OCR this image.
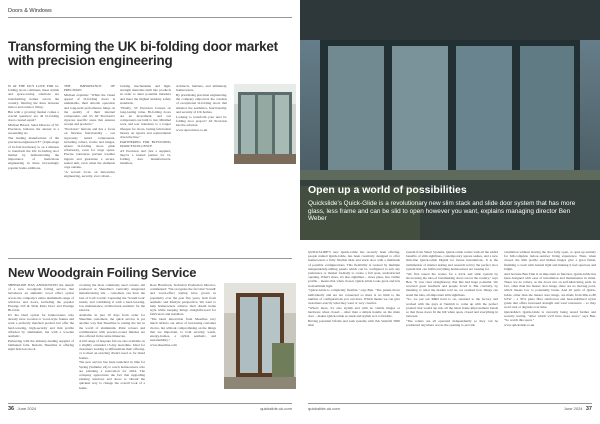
Doors & Windows
Transforming the UK bi-folding door market with precision engineering

IS AT THE UK'S LOVE FOR bi-folding doors continues, these stylish and space-saving solutions are transforming homes across the country, blurring the lines between indoor and outdoor living.

But with a growing market comes a crucial question: are all bi-folding doors created equal?

Michael Bristol, Sales Director of ST Precision, believes the answer is a resounding no.

The leading manufacturer of the precision-engineered E+ (triple-stage of bi-fold hardware) is on a mission to transform the UK bi-folding door market by demonstrating the importance of meticulous engineering in these increasingly popular home additions.

THE IMPORTANCE OF PRECISION

Michael explains: "While the visual appeal of bi-folding doors is undeniable, their smooth operation and long-term performance hinge on the quality of their internal components and it's AT Precision's rigorous specific areas that ensures receipt and products."

"Precision" buttons and has a focus on flawless functionality – our rigorously tested components, including rollers, tracks and hinges, ensure bi-folding doors glide effortlessly, even for large spans. Precise tolerances prevent weather ingress and guarantee a secure, sealed unit, even when the elements cage outside.

"A second focus on innovative engineering, security, ever robust...

locking mechanisms and high-strength materials built into products in order to deter potential intruders and meet the highest industry safety standards.

"Finally, ST Precision focuses on long-lasting value. Bi-folding doors are an investment, and our components are built to last. Minimal wear and tear translates to a longer lifespan for doors, lasting fabrication money on repairs and replacements down the line."

PARTNERING FOR BI-FOLDING DOOR EXCELLENCE

AT Precision isn't just a supplier; they're a trusted partner for bi-folding door manufacturers, installers,

architects, builders, and ultimately, homeowners.

By prioritising precision engineering, the company empowers the creation of exceptional bi-folding doors that enhance the aesthetics, functionality, and security of UK homes.

Looking to transform your next bi-folding door project? AT Precision has the solution.

www.atprecision.co.uk

New Woodgrain Foiling Service

SHEERLINE HAS ANNOUNCED the launch of a new woodgrain foiling service that introduces an authentic wood effect option across the company's entire aluminium range of windows and doors, including the popular Prestige Lift & Slide Patio Door and Prestige Bi-folds.

It's the ideal option for homeowners who already have wooden or wood-style frames and want a perfectly matched product but offer the hard-wearing, high-security and thin profile afforded by aluminium, but with a wooden aesthetic.

Partnering with the industry-leading supplier of laminated foils, Renolit, Sheerline is offering eight fade less stock

covering the most commonly used colours. All produced at Sheerline's vertically integrated manufacturing site – customers can have the best of both worlds. Capturing the 'Scandi look' trends, and combining it with a hard-wearing, low maintenance, architectural aesthetic for the exterior.

Available in just 10 days from order for Sheerline customers, the quick service is yet another way that Sheerline is raising the bar in the world of aluminium. Paint colours and combinations with powder-coated finishes are also offered in the same timescale.

A full range of bespoke foil are also available on a slightly extended 15-day lead-time. Ideal for customers looking to differentiate their offering, or to meet an exacting client's need or for listed homes.

The new service has been launched in time for Spring (Summer 24) to reach homeowners who are planning a renovation for 2024. The company appreciates the fact that upgrading existing windows and doors to vibrant the quickest way to change the overall look of a home.

Ross Hawthorn, Technical Production Director, commented: "We recognise the fact that 'Scandi' and wood-effect styling have grown in popularity over the past five years, both from aesthetic and lifestyle perspective. We want to help homeowners achieve their dream home style while keeping things straightforward for fabricators and installers.

"The latest innovation from Sheerline very much reflects our ethos of increasing customer choice, but without compromising on the things that are important, to both security, warm, energy-homes, a stylish aesthetic, and sustainability."

www.sheerline.com

36 June 2024	quickslide-uk.com
Open up a world of possibilities
Quickslide's Quick-Glide is a revolutionary new slim stack and slide door system that has more glass, less frame and can be slid to open however you want, explains managing director Ben Weber

QUICKSLIDE'S new Quick-Glide has recently been offering, people named Quick-Glide, has been creatively designed to offer homeowners a fully flexible slide and stack door with a multitude of possible configurations. This flexibility is created by multiple independently-sliding panels which can be configured to suit any preference or market formally to create a full span, unobstructed opening. What's more, it's also sightlines – more glass, less visible profile – means that when closed, Quick-Glide looks great and lets in maximum light.

"Quick-Glide is completely flexible," says Ben. "The panels move individually and are not connected so there is no limit to the number of configurations you can have. Which means we can give customers exactly what they want or very creative.

"What's more, it's also stylish and with no visible hinges or hardware when closed – other than a simple handle on the main door – makes Quick-Glide as sleek and stylish as it is flexible.

Having potential bifolds and sash systems with this Ventridi 3000 slim

system from Smart Systems, Quick-Glide comes with all the added benefits of slim sightlines, contemporary square sashes, and a new slim-line Quick-Glide Digital for future installations. It is the culmination of market testing and research led by the perfect door system that can fulfil everything homeowners are looking for.

"We first tested the waters for a track and slide system by showcasing the idea of breathtaking doors across the country," says Ben. "It was clear straightaway that this had huge potential. We received great feedback and people loved it. But crucially, by listening to what the market told us, we realised how things can stand the idea, all-important slim sightlines.

"So, we put our R&D hard to on, returned to the factory and worked with the guys at Ventridi to come up with the perfect product that would tap into all the latest home improvement trends so that those doors fit the bill when open, closed and everything in between.

"The rollers are all operated independently so they can be positioned anywhere across the opening to provide

ventilation without leaving the door fully open, or open up entirely for full-complete indoor-outdoor living experience. Then, when closed, the slim profile and hidden hinges give a great finish, finishing a room with natural light and making it feel spacious and bright.

And because Ben Zinn is as important as function, Quick-Glide has been designed with ease of installation and maintenance in mind. There are no rollers, as the doors run on self-lubricating pads. In fact, other than the master door hinge, there are no moving parts, which means low to potentially break. And all parts of Quick-Glide, other than the master door hinge, are made from 90k-to-80 GSW – a 30% glass fibre reinforced and heat-stabilised nylon grade that offers increased strength and wear resistance – so they won't rust or degrade over time.

Quickslide's Quick-Glide is currently being tested further and security testing. "After which we'll have more news," says Ben. "So watch this space."

www.quickslide.co.uk

quickslide-uk.com	June 2024 37
